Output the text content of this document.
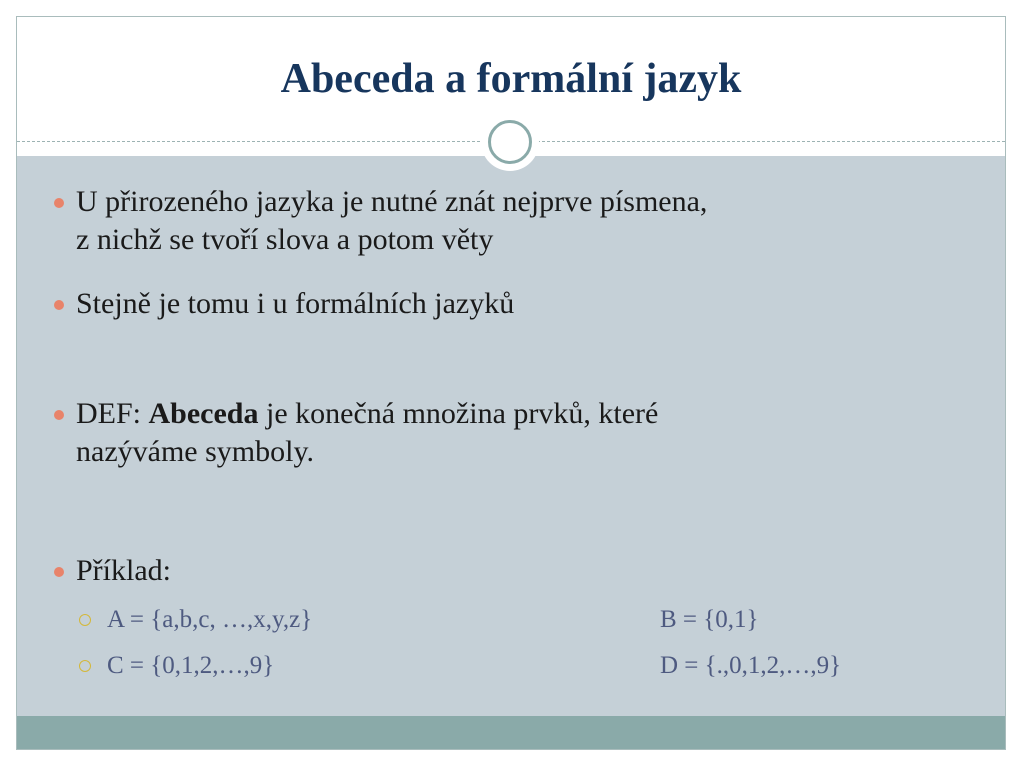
Abeceda a formální jazyk
U přirozeného jazyka je nutné znát nejprve písmena,
z nichž se tvoří slova a potom věty
Stejně je tomu i u formálních jazyků
DEF: Abeceda je konečná množina prvků, které
nazýváme symboly.
Příklad:
A = {a,b,c, …,x,y,z}	B = {0,1}
C = {0,1,2,…,9}	D = {.,0,1,2,…,9}
